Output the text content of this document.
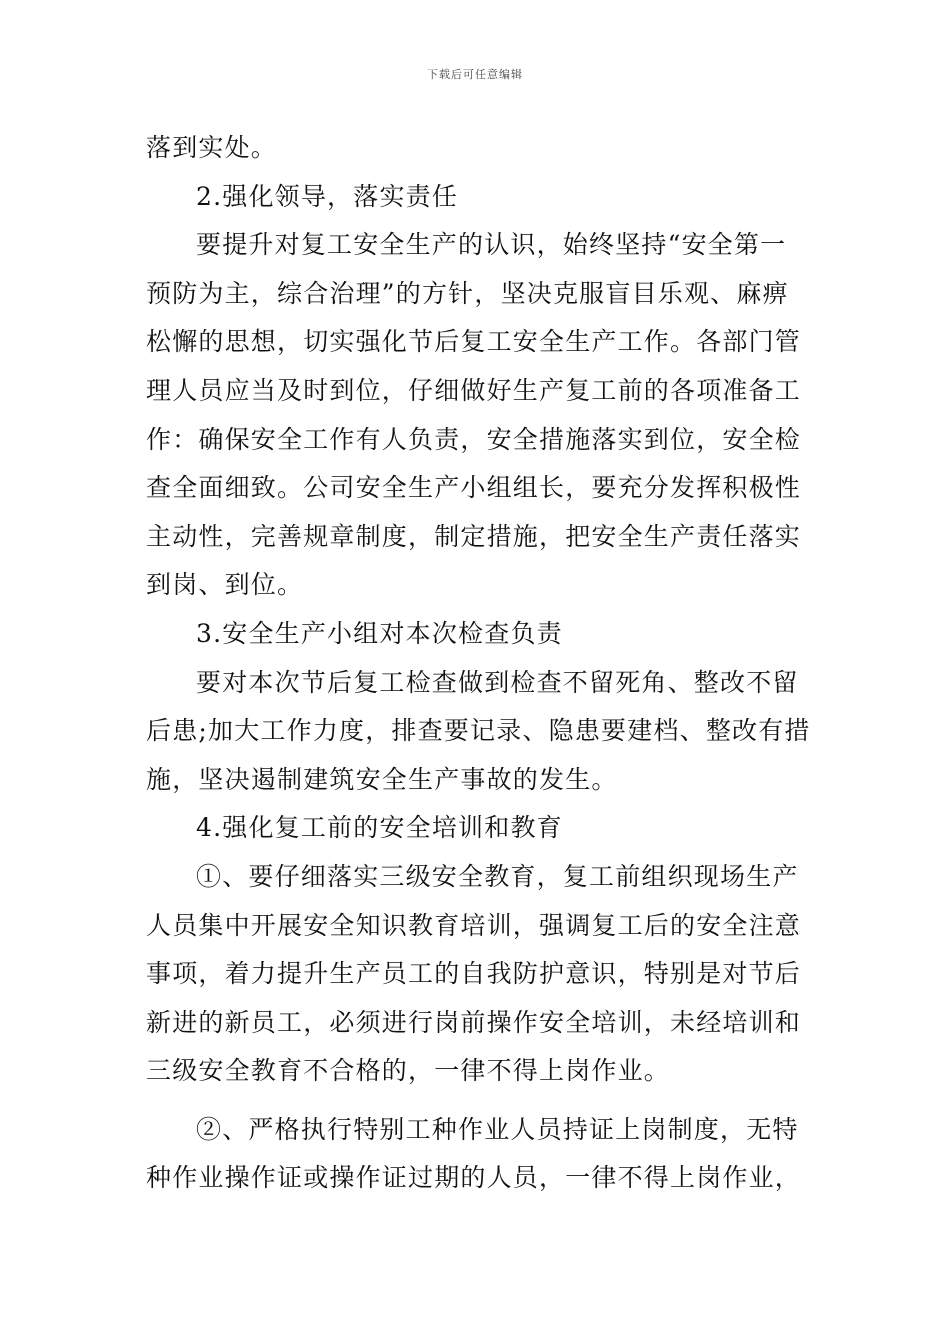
下载后可任意编辑
落到实处。
2.强化领导，落实责任
要提升对复工安全生产的认识，始终坚持“安全第一
预防为主，综合治理”的方针，坚决克服盲目乐观、麻痹
松懈的思想，切实强化节后复工安全生产工作。各部门管
理人员应当及时到位，仔细做好生产复工前的各项准备工
作：确保安全工作有人负责，安全措施落实到位，安全检
查全面细致。公司安全生产小组组长，要充分发挥积极性
主动性，完善规章制度，制定措施，把安全生产责任落实
到岗、到位。
3.安全生产小组对本次检查负责
要对本次节后复工检查做到检查不留死角、整改不留
后患;加大工作力度，排查要记录、隐患要建档、整改有措
施，坚决遏制建筑安全生产事故的发生。
4.强化复工前的安全培训和教育
①、要仔细落实三级安全教育，复工前组织现场生产
人员集中开展安全知识教育培训，强调复工后的安全注意
事项，着力提升生产员工的自我防护意识，特别是对节后
新进的新员工，必须进行岗前操作安全培训，未经培训和
三级安全教育不合格的，一律不得上岗作业。
②、严格执行特别工种作业人员持证上岗制度，无特
种作业操作证或操作证过期的人员，一律不得上岗作业，
